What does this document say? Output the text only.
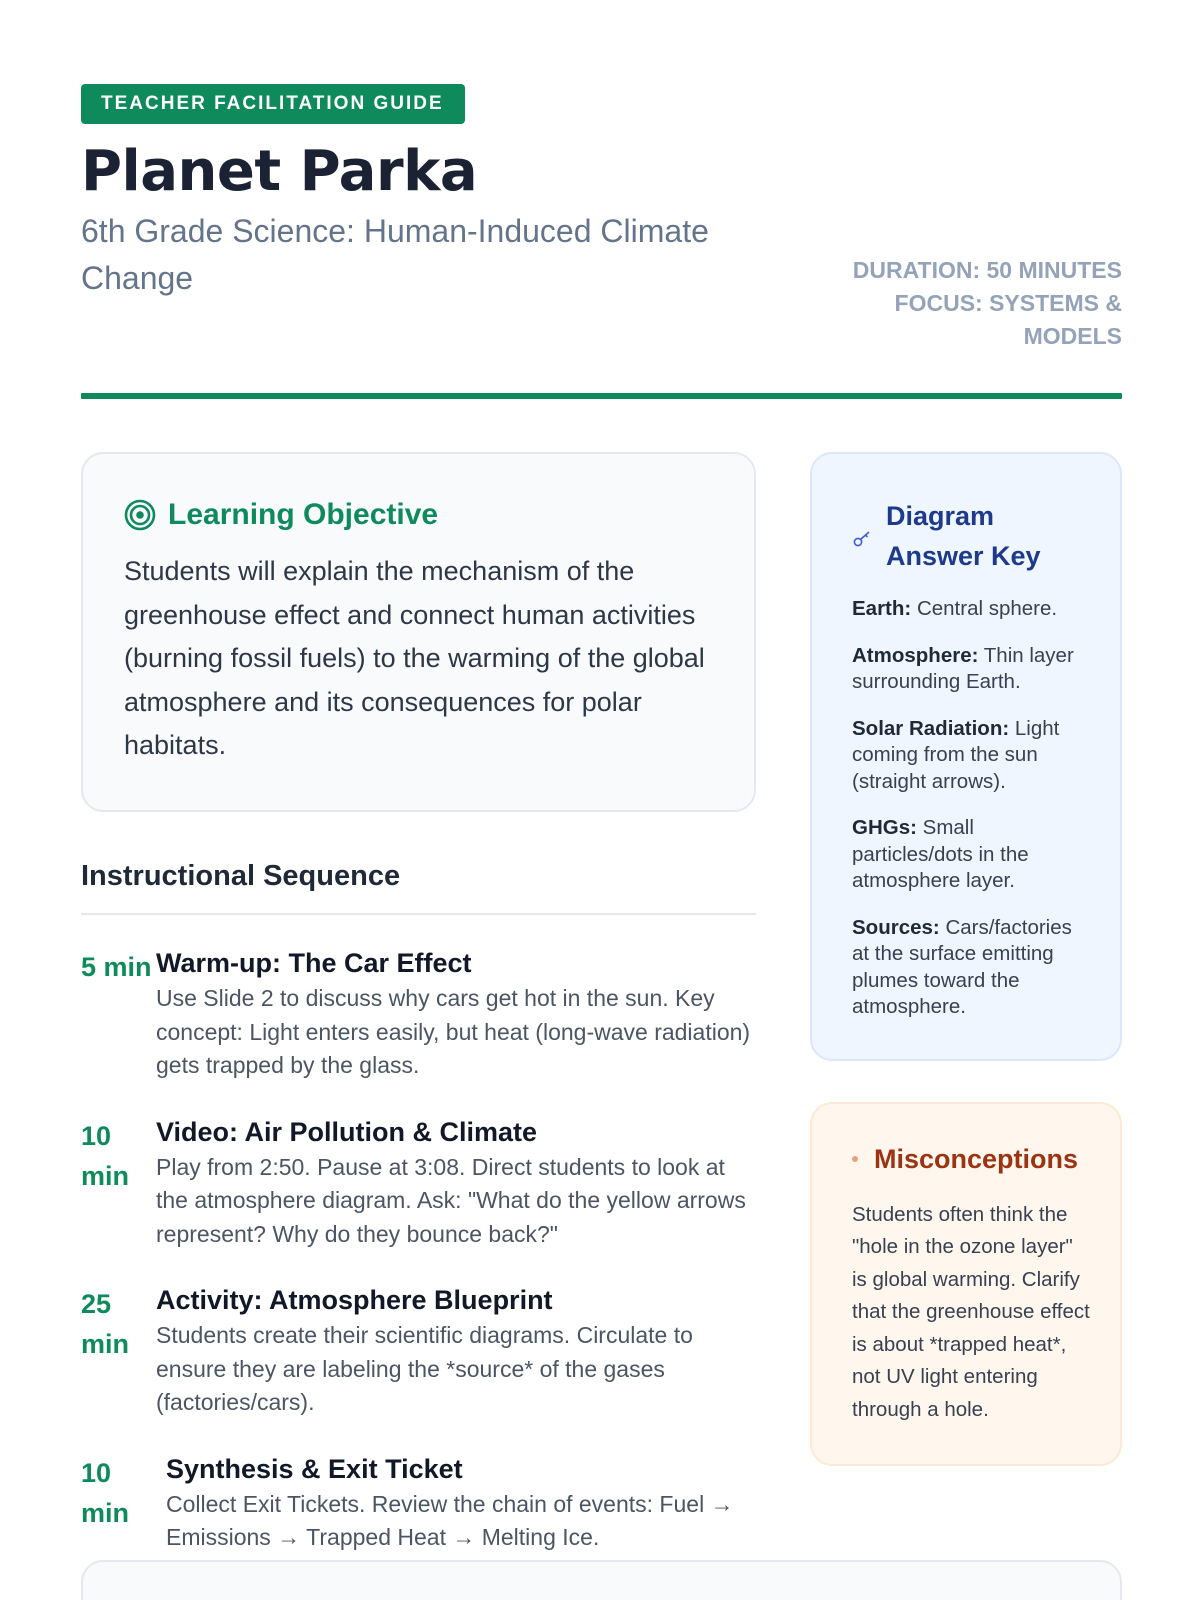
TEACHER FACILITATION GUIDE
Planet Parka
6th Grade Science: Human-Induced Climate Change	DURATION: 50 MINUTES
FOCUS: SYSTEMS & MODELS
Learning Objective

Students will explain the mechanism of the greenhouse effect and connect human activities (burning fossil fuels) to the warming of the global atmosphere and its consequences for polar habitats.

Instructional Sequence
5 min Warm-up: The Car Effect
Use Slide 2 to discuss why cars get hot in the sun. Key concept: Light enters easily, but heat (long-wave radiation) gets trapped by the glass.
10 min
Video: Air Pollution & Climate
Play from 2:50. Pause at 3:08. Direct students to look at the atmosphere diagram. Ask: "What do the yellow arrows represent? Why do they bounce back?"
25 min
Activity: Atmosphere Blueprint
Students create their scientific diagrams. Circulate to ensure they are labeling the *source* of the gases (factories/cars).
10 min
Synthesis & Exit Ticket
Collect Exit Tickets. Review the chain of events: Fuel → Emissions → Trapped Heat → Melting Ice.
Diagram Answer Key

Earth: Central sphere.

Atmosphere: Thin layer surrounding Earth.

Solar Radiation: Light coming from the sun (straight arrows).

GHGs: Small particles/dots in the atmosphere layer.

Sources: Cars/factories at the surface emitting plumes toward the atmosphere.

Misconceptions

Students often think the "hole in the ozone layer" is global warming. Clarify that the greenhouse effect is about *trapped heat*, not UV light entering through a hole.
